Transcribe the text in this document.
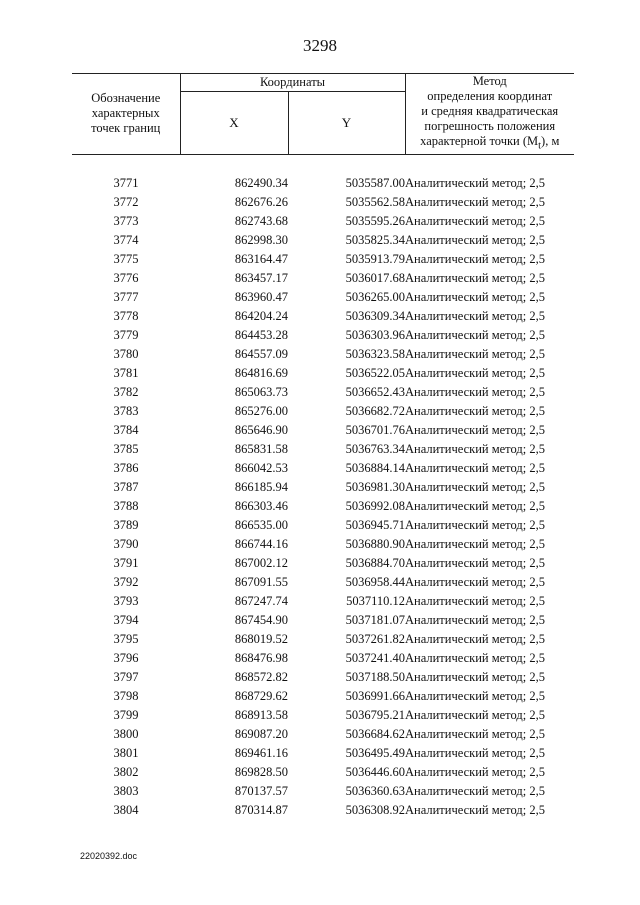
3298
Обозначение
характерных
точек границ	Координаты		Метод
определения координат
и средняя квадратическая
погрешность положения
характерной точки $(M_t)$, м
	X	Y	

3771	862490.34	5035587.00	Аналитический метод; 2,5
3772	862676.26	5035562.58	Аналитический метод; 2,5
3773	862743.68	5035595.26	Аналитический метод; 2,5
3774	862998.30	5035825.34	Аналитический метод; 2,5
3775	863164.47	5035913.79	Аналитический метод; 2,5
3776	863457.17	5036017.68	Аналитический метод; 2,5
3777	863960.47	5036265.00	Аналитический метод; 2,5
3778	864204.24	5036309.34	Аналитический метод; 2,5
3779	864453.28	5036303.96	Аналитический метод; 2,5
3780	864557.09	5036323.58	Аналитический метод; 2,5
3781	864816.69	5036522.05	Аналитический метод; 2,5
3782	865063.73	5036652.43	Аналитический метод; 2,5
3783	865276.00	5036682.72	Аналитический метод; 2,5
3784	865646.90	5036701.76	Аналитический метод; 2,5
3785	865831.58	5036763.34	Аналитический метод; 2,5
3786	866042.53	5036884.14	Аналитический метод; 2,5
3787	866185.94	5036981.30	Аналитический метод; 2,5
3788	866303.46	5036992.08	Аналитический метод; 2,5
3789	866535.00	5036945.71	Аналитический метод; 2,5
3790	866744.16	5036880.90	Аналитический метод; 2,5
3791	867002.12	5036884.70	Аналитический метод; 2,5
3792	867091.55	5036958.44	Аналитический метод; 2,5
3793	867247.74	5037110.12	Аналитический метод; 2,5
3794	867454.90	5037181.07	Аналитический метод; 2,5
3795	868019.52	5037261.82	Аналитический метод; 2,5
3796	868476.98	5037241.40	Аналитический метод; 2,5
3797	868572.82	5037188.50	Аналитический метод; 2,5
3798	868729.62	5036991.66	Аналитический метод; 2,5
3799	868913.58	5036795.21	Аналитический метод; 2,5
3800	869087.20	5036684.62	Аналитический метод; 2,5
3801	869461.16	5036495.49	Аналитический метод; 2,5
3802	869828.50	5036446.60	Аналитический метод; 2,5
3803	870137.57	5036360.63	Аналитический метод; 2,5
3804	870314.87	5036308.92	Аналитический метод; 2,5
22020392.doc
